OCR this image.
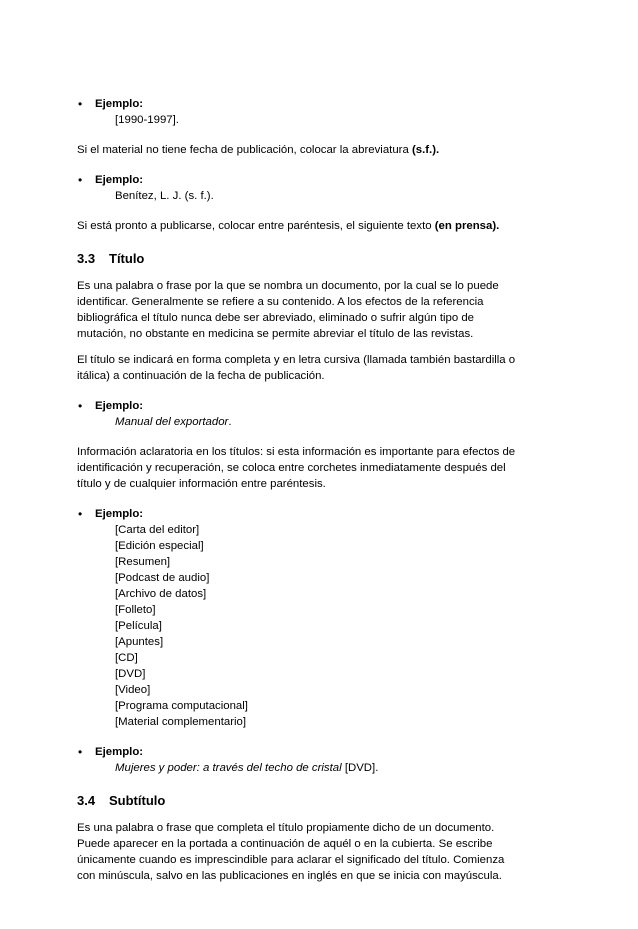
• Ejemplo:
[1990-1997].

Si el material no tiene fecha de publicación, colocar la abreviatura (s.f.).

• Ejemplo:
Benítez, L. J. (s. f.).

Si está pronto a publicarse, colocar entre paréntesis, el siguiente texto (en prensa).

3.3 Título
Es una palabra o frase por la que se nombra un documento, por la cual se lo puede
identificar. Generalmente se refiere a su contenido. A los efectos de la referencia
bibliográfica el título nunca debe ser abreviado, eliminado o sufrir algún tipo de
mutación, no obstante en medicina se permite abreviar el título de las revistas.
El título se indicará en forma completa y en letra cursiva (llamada también bastardilla o
itálica) a continuación de la fecha de publicación.
• Ejemplo:
Manual del exportador.
Información aclaratoria en los títulos: si esta información es importante para efectos de
identificación y recuperación, se coloca entre corchetes inmediatamente después del
título y de cualquier información entre paréntesis.
• Ejemplo:
[Carta del editor]
[Edición especial]
[Resumen]
[Podcast de audio]
[Archivo de datos]
[Folleto]
[Película]
[Apuntes]
[CD]
[DVD]
[Video]
[Programa computacional]
[Material complementario]
• Ejemplo:
Mujeres y poder: a través del techo de cristal [DVD].
3.4 Subtítulo
Es una palabra o frase que completa el título propiamente dicho de un documento.
Puede aparecer en la portada a continuación de aquél o en la cubierta. Se escribe
únicamente cuando es imprescindible para aclarar el significado del título. Comienza
con minúscula, salvo en las publicaciones en inglés en que se inicia con mayúscula.
